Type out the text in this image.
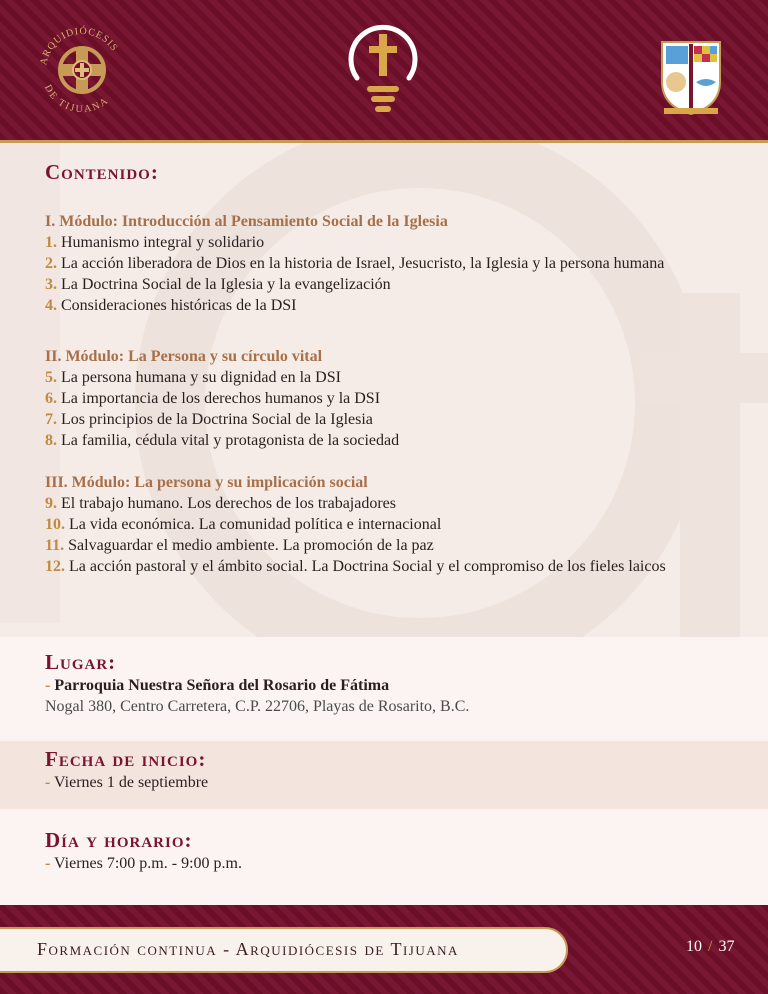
ARQUIDIÓCESIS
DE TIJUANA
Contenido:

I. Módulo: Introducción al Pensamiento Social de la Iglesia

1. Humanismo integral y solidario

2. La acción liberadora de Dios en la historia de Israel, Jesucristo, la Iglesia y la persona humana

3. La Doctrina Social de la Iglesia y la evangelización

4. Consideraciones históricas de la DSI

II. Módulo: La Persona y su círculo vital

5. La persona humana y su dignidad en la DSI

6. La importancia de los derechos humanos y la DSI

7. Los principios de la Doctrina Social de la Iglesia

8. La familia, cédula vital y protagonista de la sociedad

III. Módulo: La persona y su implicación social

9. El trabajo humano. Los derechos de los trabajadores

10. La vida económica. La comunidad política e internacional

11. Salvaguardar el medio ambiente. La promoción de la paz

12. La acción pastoral y el ámbito social. La Doctrina Social y el compromiso de los fieles laicos

Lugar:

- Parroquia Nuestra Señora del Rosario de Fátima

Nogal 380, Centro Carretera, C.P. 22706, Playas de Rosarito, B.C.

Fecha de inicio:

- Viernes 1 de septiembre

Día y horario:

- Viernes 7:00 p.m. - 9:00 p.m.

Formación continua - Arquidiócesis de Tijuana	10 / 37
